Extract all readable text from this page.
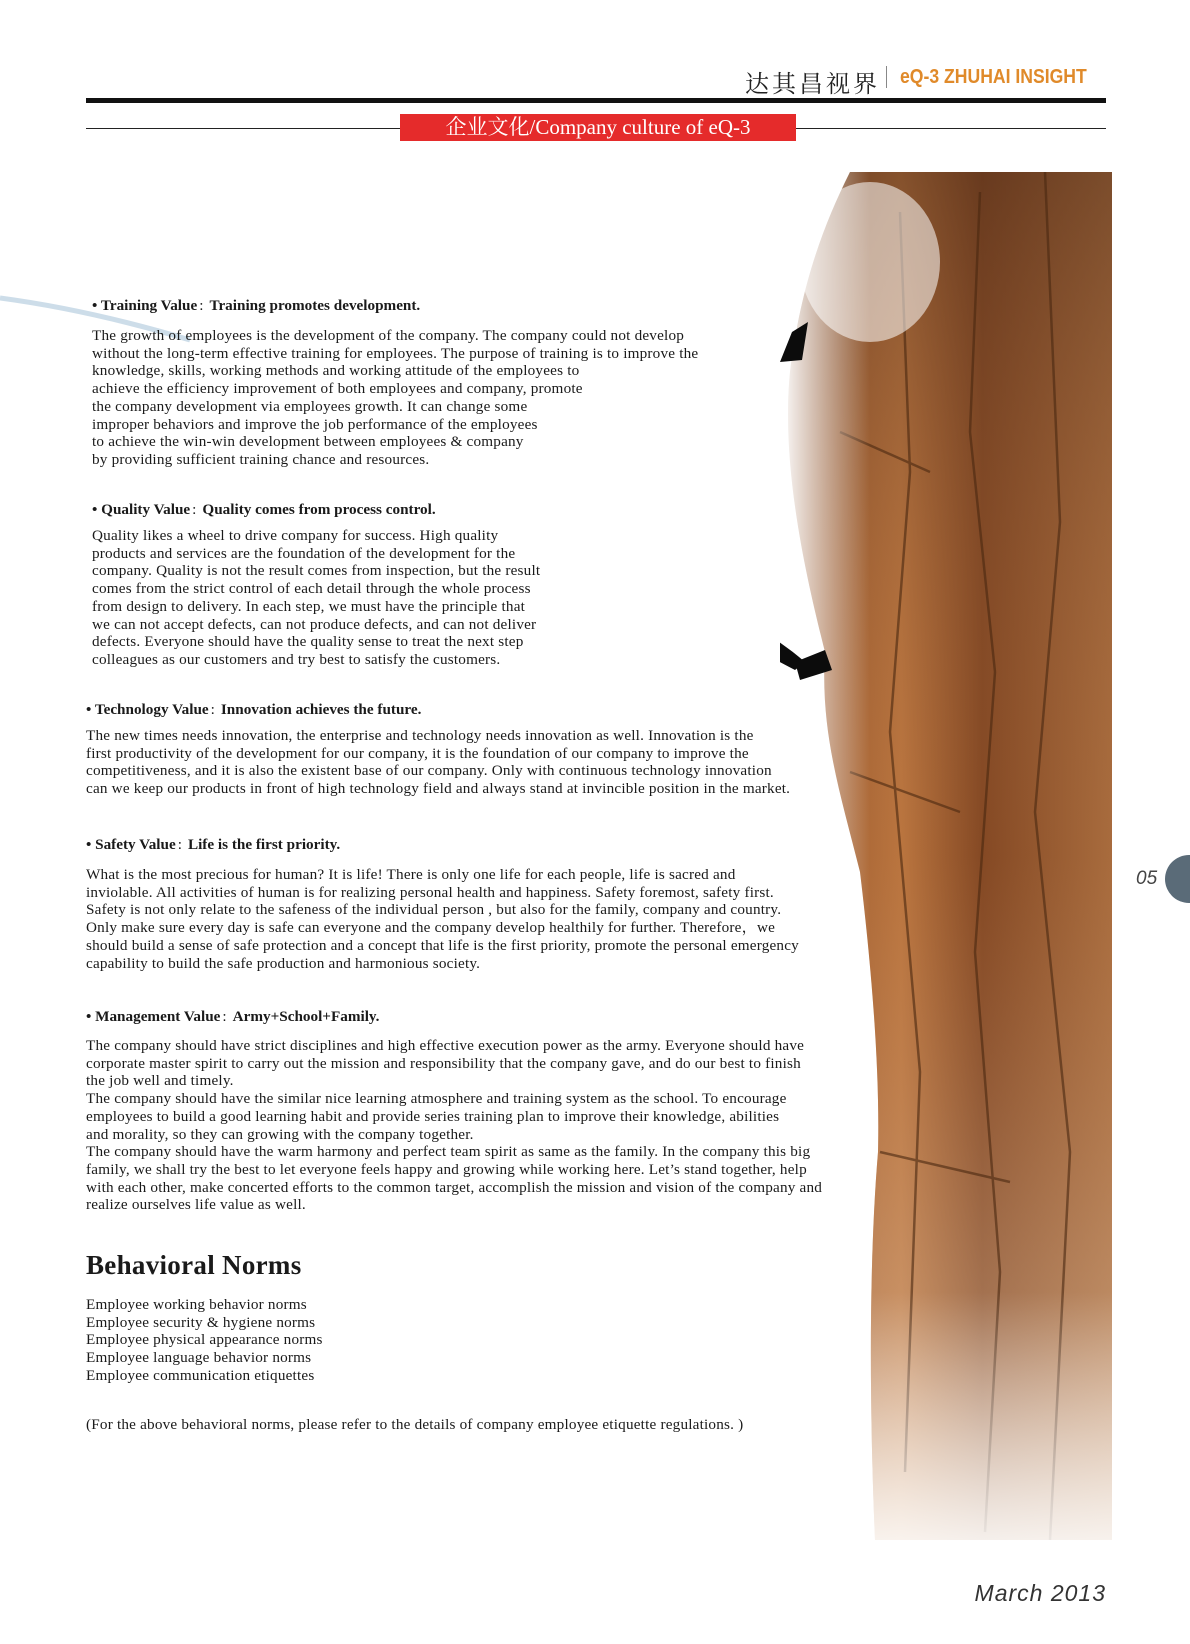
达其昌视界 eQ-3 ZHUHAI INSIGHT
企业文化/Company culture of eQ-3
• Training Value : Training promotes development.
The growth of employees is the development of the company. The company could not develop
without the long-term effective training for employees. The purpose of training is to improve the
knowledge, skills, working methods and working attitude of the employees to
achieve the efficiency improvement of both employees and company, promote
the company development via employees growth. It can change some
improper behaviors and improve the job performance of the employees
to achieve the win-win development between employees & company
by providing sufficient training chance and resources.
• Quality Value : Quality comes from process control.
Quality likes a wheel to drive company for success. High quality
products and services are the foundation of the development for the
company. Quality is not the result comes from inspection, but the result
comes from the strict control of each detail through the whole process
from design to delivery. In each step, we must have the principle that
we can not accept defects, can not produce defects, and can not deliver
defects. Everyone should have the quality sense to treat the next step
colleagues as our customers and try best to satisfy the customers.
• Technology Value : Innovation achieves the future.
The new times needs innovation, the enterprise and technology needs innovation as well. Innovation is the
first productivity of the development for our company, it is the foundation of our company to improve the
competitiveness, and it is also the existent base of our company. Only with continuous technology innovation
can we keep our products in front of high technology field and always stand at invincible position in the market.
• Safety Value : Life is the first priority.
What is the most precious for human? It is life! There is only one life for each people, life is sacred and
inviolable. All activities of human is for realizing personal health and happiness. Safety foremost, safety first.
Safety is not only relate to the safeness of the individual person , but also for the family, company and country.
Only make sure every day is safe can everyone and the company develop healthily for further. Therefore，we
should build a sense of safe protection and a concept that life is the first priority, promote the personal emergency
capability to build the safe production and harmonious society.
• Management Value : Army+School+Family.
The company should have strict disciplines and high effective execution power as the army. Everyone should have
corporate master spirit to carry out the mission and responsibility that the company gave, and do our best to finish
the job well and timely.
The company should have the similar nice learning atmosphere and training system as the school. To encourage
employees to build a good learning habit and provide series training plan to improve their knowledge, abilities
and morality, so they can growing with the company together.
The company should have the warm harmony and perfect team spirit as same as the family. In the company this big
family, we shall try the best to let everyone feels happy and growing while working here. Let’s stand together, help
with each other, make concerted efforts to the common target, accomplish the mission and vision of the company and
realize ourselves life value as well.
Behavioral Norms
Employee working behavior norms
Employee security & hygiene norms
Employee physical appearance norms
Employee language behavior norms
Employee communication etiquettes
(For the above behavioral norms, please refer to the details of company employee etiquette regulations. )
05
March 2013
